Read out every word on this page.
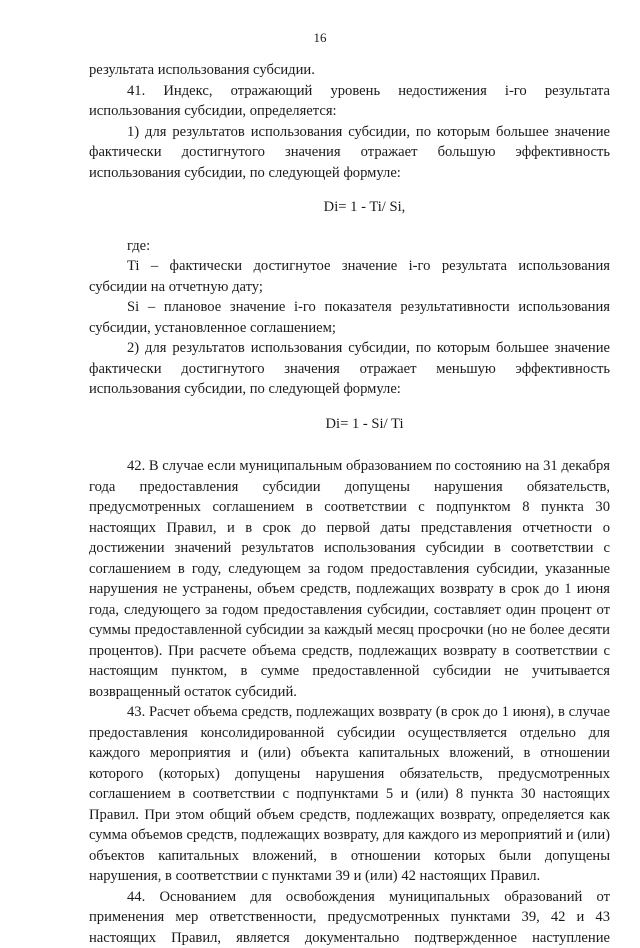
16

результата использования субсидии.

41. Индекс, отражающий уровень недостижения i-го результата использования субсидии, определяется:

1) для результатов использования субсидии, по которым большее значение фактически достигнутого значения отражает большую эффективность использования субсидии, по следующей формуле:

Di= 1 - Ti/ Si,

где:

Ti – фактически достигнутое значение i-го результата использования субсидии на отчетную дату;

Si – плановое значение i-го показателя результативности использования субсидии, установленное соглашением;

2) для результатов использования субсидии, по которым большее значение фактически достигнутого значения отражает меньшую эффективность использования субсидии, по следующей формуле:

Di= 1 - Si/ Ti

42. В случае если муниципальным образованием по состоянию на 31 декабря года предоставления субсидии допущены нарушения обязательств, предусмотренных соглашением в соответствии с подпунктом 8 пункта 30 настоящих Правил, и в срок до первой даты представления отчетности о достижении значений результатов использования субсидии в соответствии с соглашением в году, следующем за годом предоставления субсидии, указанные нарушения не устранены, объем средств, подлежащих возврату в срок до 1 июня года, следующего за годом предоставления субсидии, составляет один процент от суммы предоставленной субсидии за каждый месяц просрочки (но не более десяти процентов). При расчете объема средств, подлежащих возврату в соответствии с настоящим пунктом, в сумме предоставленной субсидии не учитывается возвращенный остаток субсидий.

43. Расчет объема средств, подлежащих возврату (в срок до 1 июня), в случае предоставления консолидированной субсидии осуществляется отдельно для каждого мероприятия и (или) объекта капитальных вложений, в отношении которого (которых) допущены нарушения обязательств, предусмотренных соглашением в соответствии с подпунктами 5 и (или) 8 пункта 30 настоящих Правил. При этом общий объем средств, подлежащих возврату, определяется как сумма объемов средств, подлежащих возврату, для каждого из мероприятий и (или) объектов капитальных вложений, в отношении которых были допущены нарушения, в соответствии с пунктами 39 и (или) 42 настоящих Правил.

44. Основанием для освобождения муниципальных образований от применения мер ответственности, предусмотренных пунктами 39, 42 и 43 настоящих Правил, является документально подтвержденное наступление
